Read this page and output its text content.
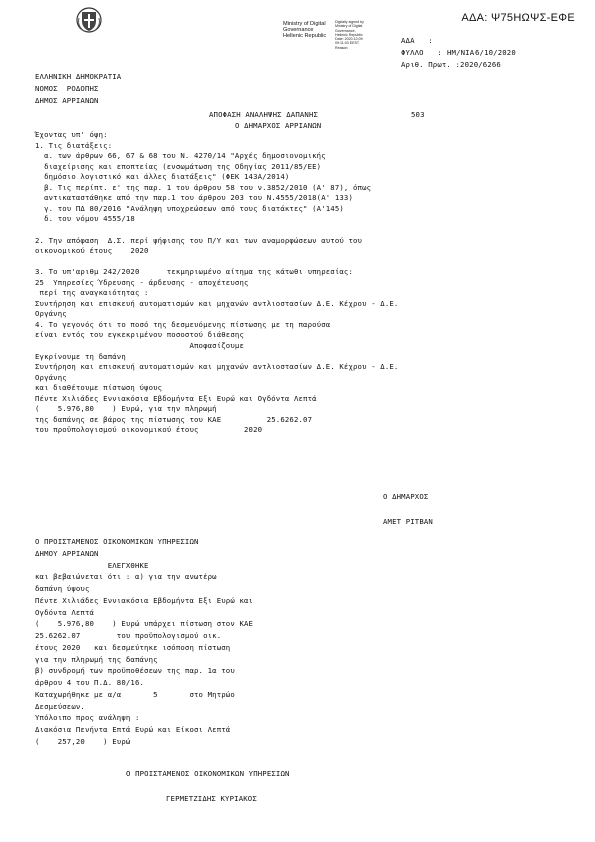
ΑΔΑ: Ψ75ΗΩΨΣ-ΕΦΕ
Ministry of Digital
Governance
Hellenic Republic
Digitally signed by
Ministry of Digital
Governance,
Hellenic Republic
Date: 2020.10.09
09:11:03 EEST
Reason:
ΑΔΑ   :
ΦΥΛΛΟ   : ΗΜ/ΝΙΑ 6/10/2020
Αριθ. Πρωτ. :2020/6266
ΕΛΛΗΝΙΚΗ ΔΗΜΟΚΡΑΤΙΑ
ΝΟΜΟΣ  ΡΟΔΟΠΗΣ
ΔΗΜΟΣ ΑΡΡΙΑΝΩΝ
ΑΠΟΦΑΣΗ ΑΝΑΛΗΨΗΣ ΔΑΠΑΝΗΣ	503
Ο ΔΗΜΑΡΧΟΣ ΑΡΡΙΑΝΩΝ
Έχοντας υπ' όψη:
1. Τις διατάξεις:
α. των άρθρων 66, 67 & 68 του Ν. 4270/14 "Αρχές δημοσιονομικής
διαχείρισης και εποπτείας (ενσωμάτωση της Οδηγίας 2011/85/ΕΕ)
δημόσιο λογιστικό και άλλες διατάξεις" (ΦΕΚ 143Α/2014)
β. Τις περίπτ. ε' της παρ. 1 του άρθρου 58 του ν.3852/2010 (Α' 87), όπως
αντικαταστάθηκε από την παρ.1 του άρθρου 203 του Ν.4555/2018(Α' 133)
γ. του ΠΔ 80/2016 "Ανάληψη υποχρεώσεων από τους διατάκτες" (Α'145)
δ. του νόμου 4555/18
2. Την απόφαση  Δ.Σ. περί ψήφισης του Π/Υ και των αναμορφώσεων αυτού του
οικονομικού έτους    2020
3. Το υπ'αριθμ 242/2020      τεκμηριωμένο αίτημα της κάτωθι υπηρεσίας:
25  Υπηρεσίες Ύδρευσης - άρδευσης - αποχέτευσης
περί της αναγκαιότητας :
Συντήρηση και επισκευή αυτοματισμών και μηχανών αντλιοστασίων Δ.Ε. Κέχρου - Δ.Ε.
Οργάνης
4. Το γεγονός ότι το ποσό της δεσμευόμενης πίστωσης με τη παρούσα
είναι εντός του εγκεκριμένου ποσοστού διάθεσης
Αποφασίζουμε
Εγκρίνουμε τη δαπάνη
Συντήρηση και επισκευή αυτοματισμών και μηχανών αντλιοστασίων Δ.Ε. Κέχρου - Δ.Ε.
Οργάνης
και διαθέτουμε πίστωση ύψους
Πέντε Χιλιάδες Εννιακόσια Εβδομήντα Εξι Ευρώ και Ογδόντα Λεπτά
(    5.976,80    ) Ευρώ, για την πληρωμή
της δαπάνης σε βάρος της πίστωσης του ΚΑΕ          25.6262.07
του προϋπολογισμού οικονομικού έτους          2020
Ο ΔΗΜΑΡΧΟΣ
ΑΜΕΤ ΡΙΤΒΑΝ
Ο ΠΡΟΙΣΤΑΜΕΝΟΣ ΟΙΚΟΝΟΜΙΚΩΝ ΥΠΗΡΕΣΙΩΝ
ΔΗΜΟΥ ΑΡΡΙΑΝΩΝ
ΕΛΕΓΧΘΗΚΕ
και βεβαιώνεται ότι : α) για την ανωτέρω
δαπάνη ύψους
Πέντε Χιλιάδες Εννιακόσια Εβδομήντα Εξι Ευρώ και
Ογδόντα Λεπτά
(    5.976,80    ) Ευρώ υπάρχει πίστωση στον ΚΑΕ
25.6262.07        του προϋπολογισμού οικ.
έτους 2020   και δεσμεύτηκε ισόποση πίστωση
για την πληρωμή της δαπάνης
β) συνδρομή των προϋποθέσεων της παρ. 1α του
άρθρου 4 του Π.Δ. 80/16.
Καταχωρήθηκε με α/α       5       στο Μητρώο
Δεσμεύσεων.
Υπόλοιπο προς ανάληψη :
Διακόσια Πενήντα Επτά Ευρώ και Είκοσι Λεπτά
(    257,20    ) Ευρώ
Ο ΠΡΟΙΣΤΑΜΕΝΟΣ ΟΙΚΟΝΟΜΙΚΩΝ ΥΠΗΡΕΣΙΩΝ
ΓΕΡΜΕΤΖΙΔΗΣ ΚΥΡΙΑΚΟΣ
